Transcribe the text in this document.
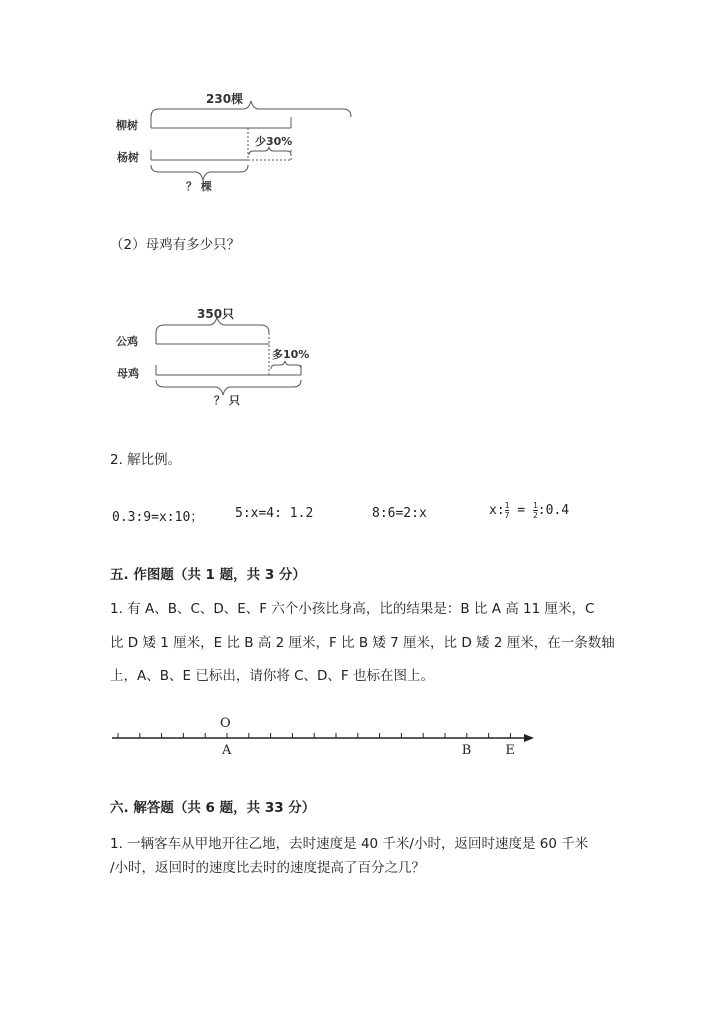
230棵
柳树
杨树
少30%
？ 棵
（2）母鸡有多少只？
350只
公鸡
母鸡
多10%
？ 只
2. 解比例。
0.3:9=x:10； 5:x=4: 1.2	8:6=2:x	x: $\frac{1}{7} = \frac{1}{2}$ :0.4
五. 作图题（共 1 题，共 3 分）
1. 有 A、B、C、D、E、F 六个小孩比身高，比的结果是：B 比 A 高 11 厘米，C
比 D 矮 1 厘米，E 比 B 高 2 厘米，F 比 B 矮 7 厘米，比 D 矮 2 厘米，在一条数轴
上，A、B、E 已标出，请你将 C、D、F 也标在图上。
O
A	B	E
六. 解答题（共 6 题，共 33 分）
1. 一辆客车从甲地开往乙地，去时速度是 40 千米/小时，返回时速度是 60 千米
/小时，返回时的速度比去时的速度提高了百分之几？
